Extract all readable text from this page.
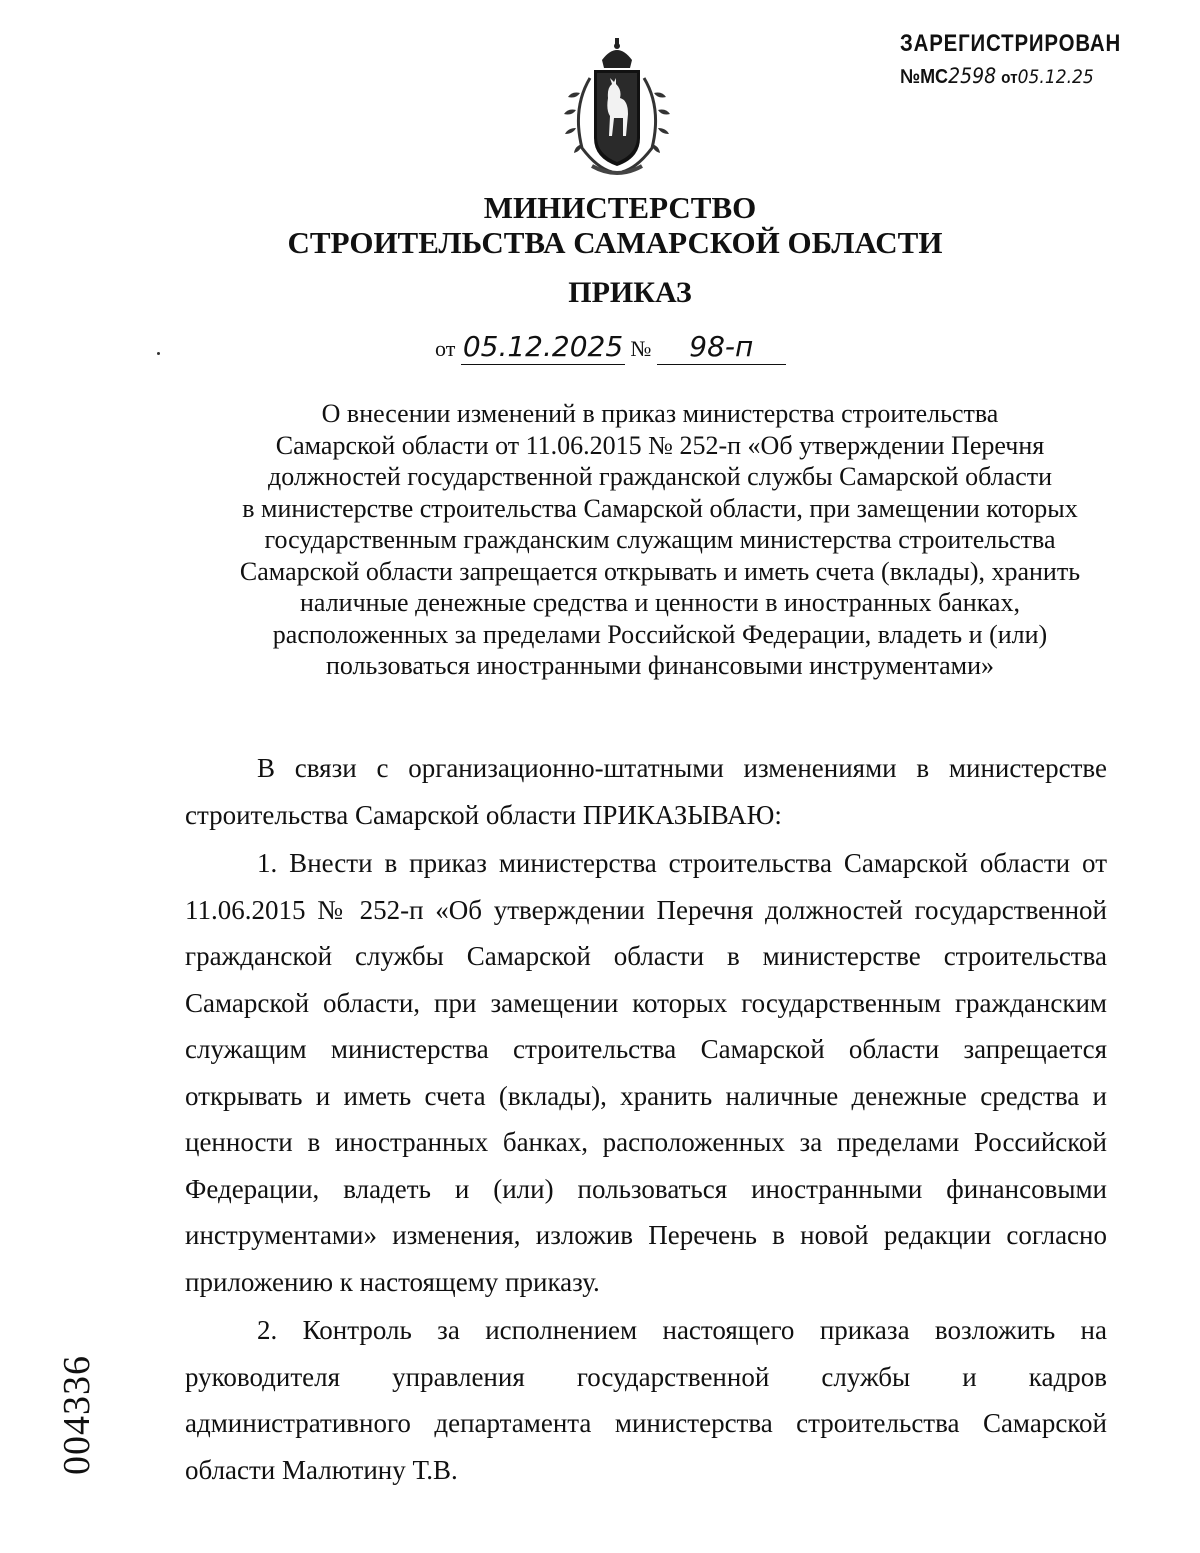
ЗАРЕГИСТРИРОВАН
№МС2598 от05.12.25
МИНИСТЕРСТВО
СТРОИТЕЛЬСТВА САМАРСКОЙ ОБЛАСТИ
ПРИКАЗ
от 05.12.2025 № 98-п
О внесении изменений в приказ министерства строительства
Самарской области от 11.06.2015 № 252-п «Об утверждении Перечня
должностей государственной гражданской службы Самарской области
в министерстве строительства Самарской области, при замещении которых
государственным гражданским служащим министерства строительства
Самарской области запрещается открывать и иметь счета (вклады), хранить
наличные денежные средства и ценности в иностранных банках,
расположенных за пределами Российской Федерации, владеть и (или)
пользоваться иностранными финансовыми инструментами»

В связи с организационно-штатными изменениями в министерстве строительства Самарской области ПРИКАЗЫВАЮ:

1. Внести в приказ министерства строительства Самарской области от 11.06.2015 № 252-п «Об утверждении Перечня должностей государственной гражданской службы Самарской области в министерстве строительства Самарской области, при замещении которых государственным гражданским служащим министерства строительства Самарской области запрещается открывать и иметь счета (вклады), хранить наличные денежные средства и ценности в иностранных банках, расположенных за пределами Российской Федерации, владеть и (или) пользоваться иностранными финансовыми инструментами» изменения, изложив Перечень в новой редакции согласно приложению к настоящему приказу.

2. Контроль за исполнением настоящего приказа возложить на руководителя управления государственной службы и кадров административного департамента министерства строительства Самарской области Малютину Т.В.

004336
